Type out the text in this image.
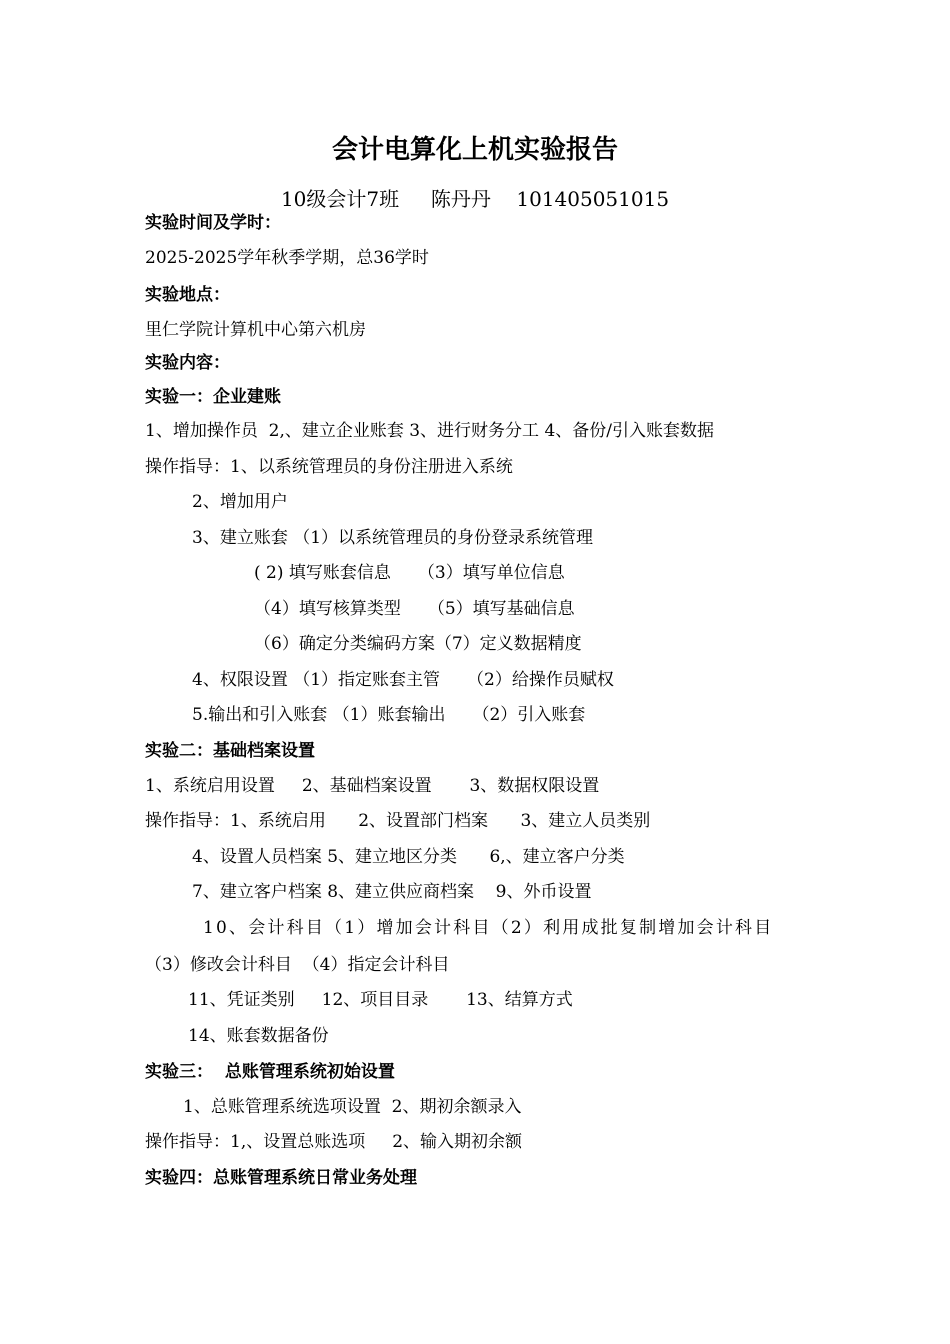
会计电算化上机实验报告
10级会计7班     陈丹丹    101405051015
实验时间及学时：
2025-2025学年秋季学期，总36学时
实验地点：
里仁学院计算机中心第六机房
实验内容：
实验一：企业建账
1、增加操作员  2,、建立企业账套 3、进行财务分工 4、备份/引入账套数据
操作指导：1、以系统管理员的身份注册进入系统
2、增加用户
3、建立账套 （1）以系统管理员的身份登录系统管理
( 2) 填写账套信息     （3）填写单位信息
（4）填写核算类型     （5）填写基础信息
（6）确定分类编码方案（7）定义数据精度
4、权限设置 （1）指定账套主管     （2）给操作员赋权
5.输出和引入账套 （1）账套输出     （2）引入账套
实验二：基础档案设置
1、系统启用设置     2、基础档案设置       3、数据权限设置
操作指导：1、系统启用      2、设置部门档案      3、建立人员类别
4、设置人员档案 5、建立地区分类      6,、建立客户分类
7、建立客户档案 8、建立供应商档案    9、外币设置
10、会计科目（1）增加会计科目（2）利用成批复制增加会计科目
（3）修改会计科目  （4）指定会计科目
11、凭证类别     12、项目目录       13、结算方式
14、账套数据备份
实验三：  总账管理系统初始设置
1、总账管理系统选项设置  2、期初余额录入
操作指导：1,、设置总账选项     2、输入期初余额
实验四：总账管理系统日常业务处理
